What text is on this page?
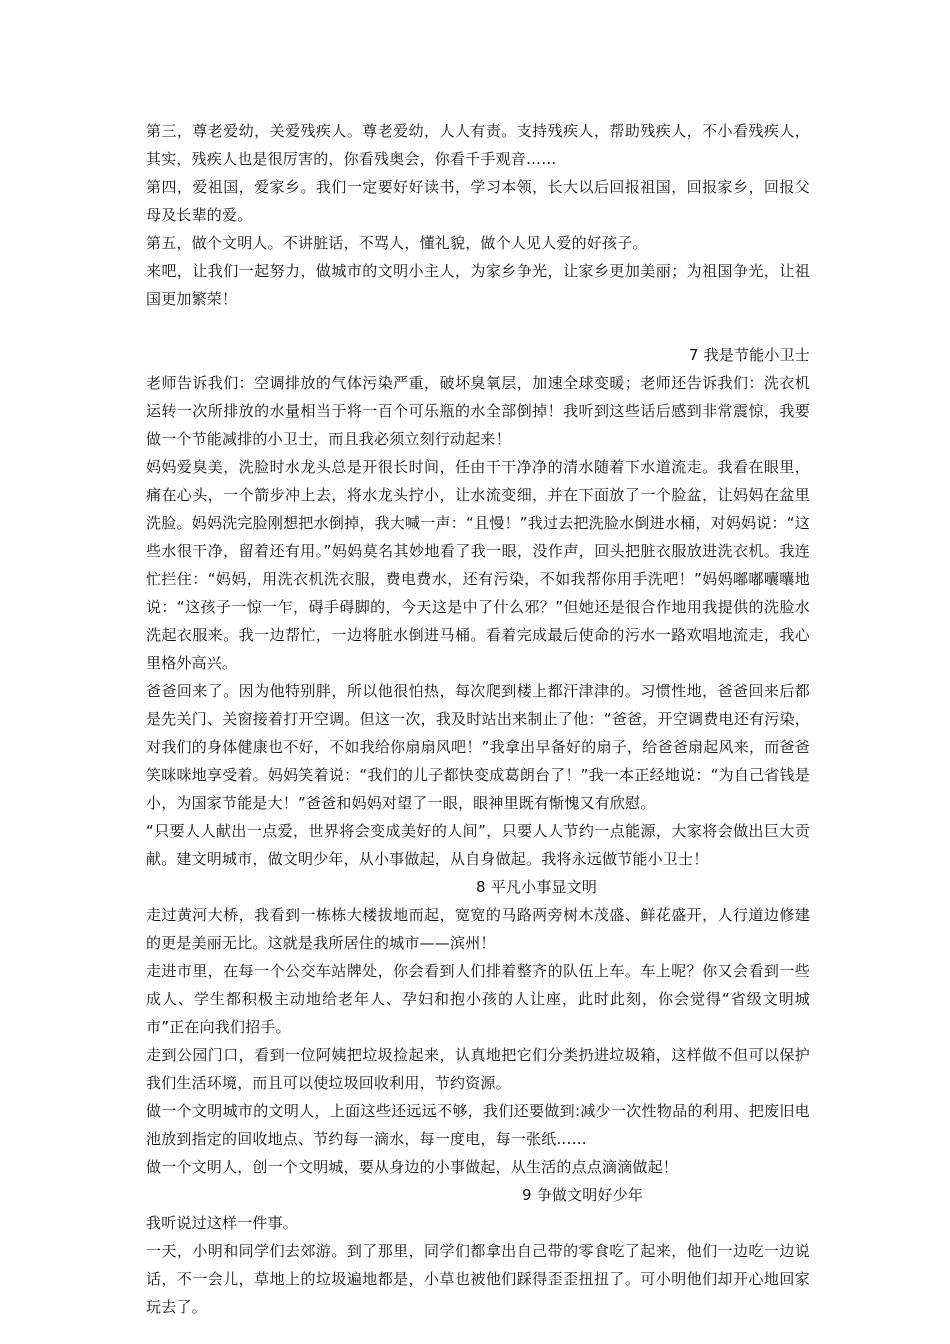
第三，尊老爱幼，关爱残疾人。尊老爱幼，人人有责。支持残疾人，帮助残疾人，不小看残疾人，其实，残疾人也是很厉害的，你看残奥会，你看千手观音……

第四，爱祖国，爱家乡。我们一定要好好读书，学习本领，长大以后回报祖国，回报家乡，回报父母及长辈的爱。

第五，做个文明人。不讲脏话，不骂人，懂礼貌，做个人见人爱的好孩子。

来吧，让我们一起努力，做城市的文明小主人，为家乡争光，让家乡更加美丽；为祖国争光，让祖国更加繁荣！

7 我是节能小卫士

老师告诉我们：空调排放的气体污染严重，破坏臭氧层，加速全球变暖；老师还告诉我们：洗衣机运转一次所排放的水量相当于将一百个可乐瓶的水全部倒掉！我听到这些话后感到非常震惊，我要做一个节能减排的小卫士，而且我必须立刻行动起来！

妈妈爱臭美，洗脸时水龙头总是开很长时间，任由干干净净的清水随着下水道流走。我看在眼里，痛在心头，一个箭步冲上去，将水龙头拧小，让水流变细，并在下面放了一个脸盆，让妈妈在盆里洗脸。妈妈洗完脸刚想把水倒掉，我大喊一声：“且慢！”我过去把洗脸水倒进水桶，对妈妈说：“这些水很干净，留着还有用。”妈妈莫名其妙地看了我一眼，没作声，回头把脏衣服放进洗衣机。我连忙拦住：“妈妈，用洗衣机洗衣服，费电费水，还有污染，不如我帮你用手洗吧！”妈妈嘟嘟囔囔地说：“这孩子一惊一乍，碍手碍脚的，今天这是中了什么邪？”但她还是很合作地用我提供的洗脸水洗起衣服来。我一边帮忙，一边将脏水倒进马桶。看着完成最后使命的污水一路欢唱地流走，我心里格外高兴。

爸爸回来了。因为他特别胖，所以他很怕热，每次爬到楼上都汗津津的。习惯性地，爸爸回来后都是先关门、关窗接着打开空调。但这一次，我及时站出来制止了他：“爸爸，开空调费电还有污染，对我们的身体健康也不好，不如我给你扇扇风吧！”我拿出早备好的扇子，给爸爸扇起风来，而爸爸笑咪咪地享受着。妈妈笑着说：“我们的儿子都快变成葛朗台了！”我一本正经地说：“为自己省钱是小，为国家节能是大！”爸爸和妈妈对望了一眼，眼神里既有惭愧又有欣慰。

“只要人人献出一点爱，世界将会变成美好的人间”，只要人人节约一点能源，大家将会做出巨大贡献。建文明城市，做文明少年，从小事做起，从自身做起。我将永远做节能小卫士！

8 平凡小事显文明

走过黄河大桥，我看到一栋栋大楼拔地而起，宽宽的马路两旁树木茂盛、鲜花盛开，人行道边修建的更是美丽无比。这就是我所居住的城市——滨州！

走进市里，在每一个公交车站牌处，你会看到人们排着整齐的队伍上车。车上呢？你又会看到一些成人、学生都积极主动地给老年人、孕妇和抱小孩的人让座，此时此刻，你会觉得“省级文明城市”正在向我们招手。

走到公园门口，看到一位阿姨把垃圾捡起来，认真地把它们分类扔进垃圾箱，这样做不但可以保护我们生活环境，而且可以使垃圾回收利用，节约资源。

做一个文明城市的文明人，上面这些还远远不够，我们还要做到:减少一次性物品的利用、把废旧电池放到指定的回收地点、节约每一滴水，每一度电，每一张纸……

做一个文明人，创一个文明城，要从身边的小事做起，从生活的点点滴滴做起！

9 争做文明好少年

我听说过这样一件事。

一天，小明和同学们去郊游。到了那里，同学们都拿出自己带的零食吃了起来，他们一边吃一边说话，不一会儿，草地上的垃圾遍地都是，小草也被他们踩得歪歪扭扭了。可小明他们却开心地回家玩去了。
